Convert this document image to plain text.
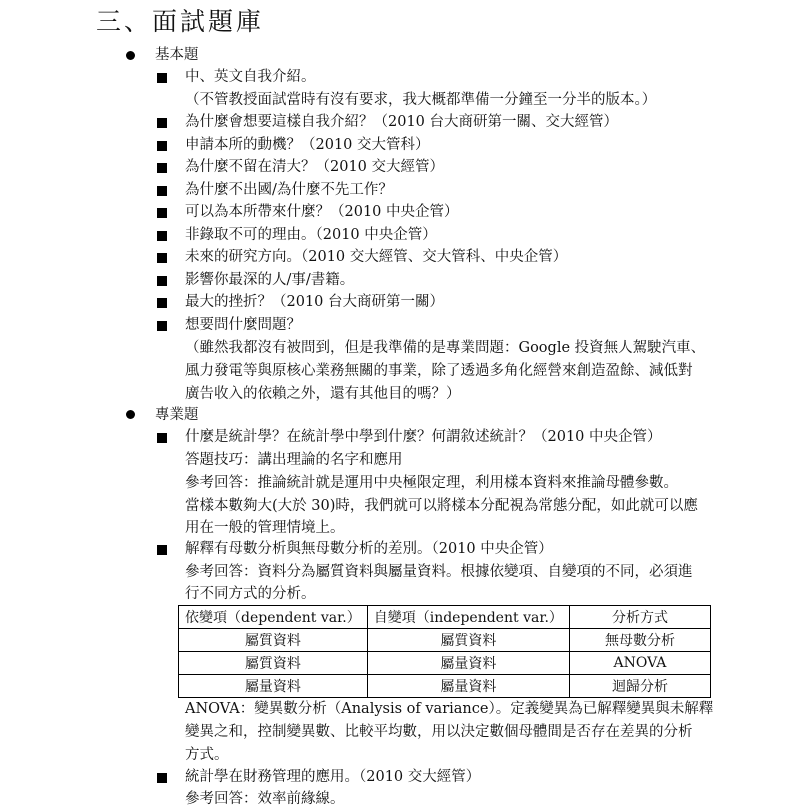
三、面試題庫
基本題
中、英文自我介紹。
（不管教授面試當時有沒有要求，我大概都準備一分鐘至一分半的版本。）
為什麼會想要這樣自我介紹？（2010 台大商研第一關、交大經管）
申請本所的動機？（2010 交大管科）
為什麼不留在清大？（2010 交大經管）
為什麼不出國/為什麼不先工作？
可以為本所帶來什麼？（2010 中央企管）
非錄取不可的理由。（2010 中央企管）
未來的研究方向。（2010 交大經管、交大管科、中央企管）
影響你最深的人/事/書籍。
最大的挫折？（2010 台大商研第一關）
想要問什麼問題？
（雖然我都沒有被問到，但是我準備的是專業問題：Google 投資無人駕駛汽車、
風力發電等與原核心業務無關的事業，除了透過多角化經營來創造盈餘、減低對
廣告收入的依賴之外，還有其他目的嗎？）
專業題
什麼是統計學？在統計學中學到什麼？何謂敘述統計？（2010 中央企管）
答題技巧：講出理論的名字和應用
參考回答：推論統計就是運用中央極限定理，利用樣本資料來推論母體參數。
當樣本數夠大(大於 30)時，我們就可以將樣本分配視為常態分配，如此就可以應
用在一般的管理情境上。
解釋有母數分析與無母數分析的差別。（2010 中央企管）
參考回答：資料分為屬質資料與屬量資料。根據依變項、自變項的不同，必須進
行不同方式的分析。
依變項（dependent var.）	自變項（independent var.）	分析方式
屬質資料	屬質資料	無母數分析
屬質資料	屬量資料	ANOVA
屬量資料	屬量資料	迴歸分析
ANOVA：變異數分析（Analysis of variance）。定義變異為已解釋變異與未解釋
變異之和，控制變異數、比較平均數，用以決定數個母體間是否存在差異的分析
方式。
統計學在財務管理的應用。（2010 交大經管）
參考回答：效率前緣線。
